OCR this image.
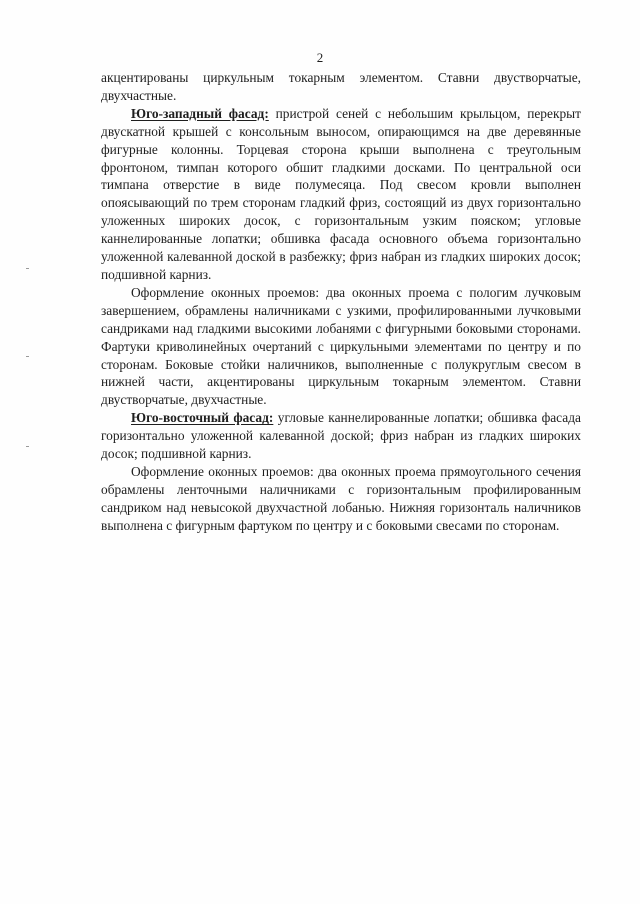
2

акцентированы циркульным токарным элементом. Ставни двустворчатые, двухчастные.

Юго-западный фасад: пристрой сеней с небольшим крыльцом, перекрыт двускатной крышей с консольным выносом, опирающимся на две деревянные фигурные колонны. Торцевая сторона крыши выполнена с треугольным фронтоном, тимпан которого обшит гладкими досками. По центральной оси тимпана отверстие в виде полумесяца. Под свесом кровли выполнен опоясывающий по трем сторонам гладкий фриз, состоящий из двух горизонтально уложенных широких досок, с горизонтальным узким пояском; угловые каннелированные лопатки; обшивка фасада основного объема горизонтально уложенной калеванной доской в разбежку; фриз набран из гладких широких досок; подшивной карниз.

Оформление оконных проемов: два оконных проема с пологим лучковым завершением, обрамлены наличниками с узкими, профилированными лучковыми сандриками над гладкими высокими лобанями с фигурными боковыми сторонами. Фартуки криволинейных очертаний с циркульными элементами по центру и по сторонам. Боковые стойки наличников, выполненные с полукруглым свесом в нижней части, акцентированы циркульным токарным элементом. Ставни двустворчатые, двухчастные.

Юго-восточный фасад: угловые каннелированные лопатки; обшивка фасада горизонтально уложенной калеванной доской; фриз набран из гладких широких досок; подшивной карниз.

Оформление оконных проемов: два оконных проема прямоугольного сечения обрамлены ленточными наличниками с горизонтальным профилированным сандриком над невысокой двухчастной лобанью. Нижняя горизонталь наличников выполнена с фигурным фартуком по центру и с боковыми свесами по сторонам.
